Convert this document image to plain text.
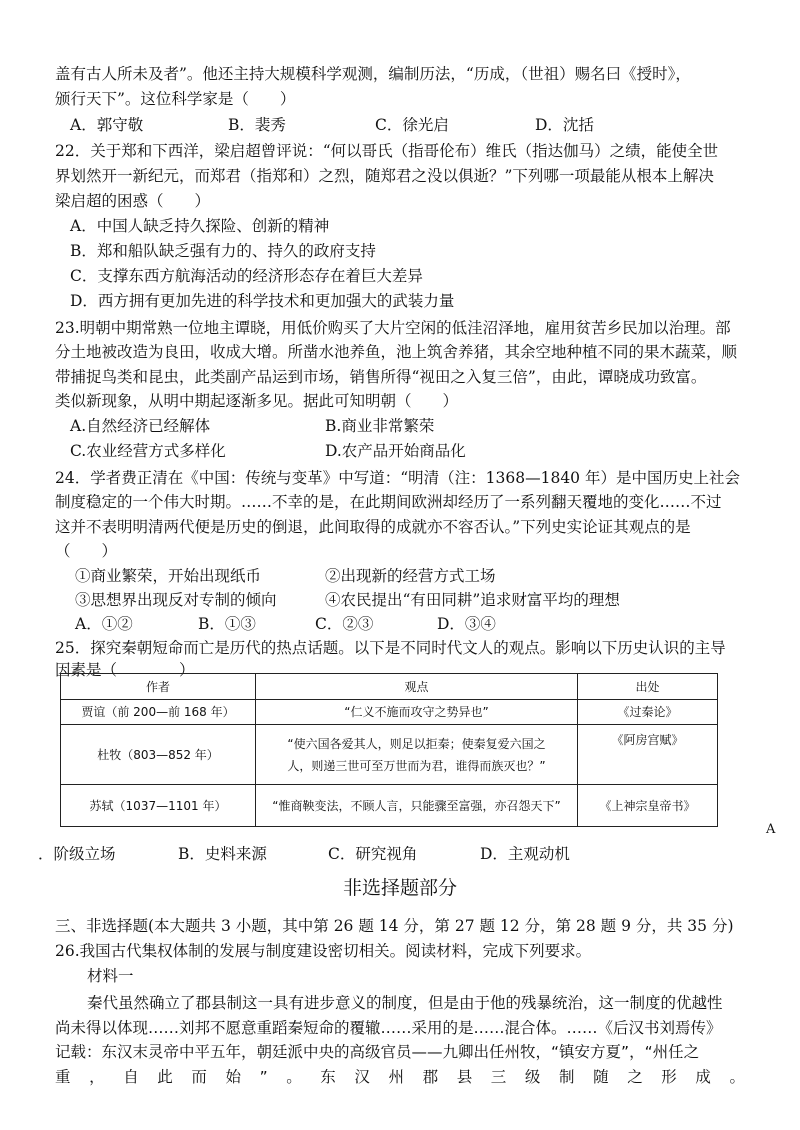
盖有古人所未及者”。他还主持大规模科学观测，编制历法，“历成，（世祖）赐名曰《授时》，
颁行天下”。这位科学家是（　　）
A．郭守敬	B．裴秀	C．徐光启	D．沈括
22．关于郑和下西洋，梁启超曾评说：“何以哥氏（指哥伦布）维氏（指达伽马）之绩，能使全世
界划然开一新纪元，而郑君（指郑和）之烈，随郑君之没以俱逝？”下列哪一项最能从根本上解决
梁启超的困惑（　　）
A．中国人缺乏持久探险、创新的精神
B．郑和船队缺乏强有力的、持久的政府支持
C．支撑东西方航海活动的经济形态存在着巨大差异
D．西方拥有更加先进的科学技术和更加强大的武装力量
23.明朝中期常熟一位地主谭晓，用低价购买了大片空闲的低洼沼泽地，雇用贫苦乡民加以治理。部
分土地被改造为良田，收成大增。所凿水池养鱼，池上筑舍养猪，其余空地种植不同的果木蔬菜，顺
带捕捉鸟类和昆虫，此类副产品运到市场，销售所得“视田之入复三倍”，由此，谭晓成功致富。
类似新现象，从明中期起逐渐多见。据此可知明朝（　　）
A.自然经济已经解体	B.商业非常繁荣
C.农业经营方式多样化	D.农产品开始商品化
24．学者费正清在《中国：传统与变革》中写道：“明清（注：1368—1840 年）是中国历史上社会
制度稳定的一个伟大时期。……不幸的是，在此期间欧洲却经历了一系列翻天覆地的变化……不过
这并不表明明清两代便是历史的倒退，此间取得的成就亦不容否认。”下列史实论证其观点的是
（　　）
①商业繁荣，开始出现纸币	②出现新的经营方式工场
③思想界出现反对专制的倾向	④农民提出“有田同耕”追求财富平均的理想
A．①②	B．①③	C．②③	D．③④
25．探究秦朝短命而亡是历代的热点话题。以下是不同时代文人的观点。影响以下历史认识的主导
因素是（　　　　）
作者	观点	出处
贾谊（前 200—前 168 年）	“仁义不施而攻守之势异也”	《过秦论》
杜牧（803—852 年）	“使六国各爱其人，则足以拒秦；使秦复爱六国之人，则递三世可至万世而为君，谁得而族灭也？”	《阿房宫赋》
苏轼（1037—1101 年）	“惟商鞅变法，不顾人言，只能骤至富强，亦召怨天下”	《上神宗皇帝书》
A
．阶级立场	B．史料来源	C．研究视角	D．主观动机
非选择题部分
三、非选择题(本大题共 3 小题，其中第 26 题 14 分，第 27 题 12 分，第 28 题 9 分，共 35 分)
26.我国古代集权体制的发展与制度建设密切相关。阅读材料，完成下列要求。
材料一
秦代虽然确立了郡县制这一具有进步意义的制度，但是由于他的残暴统治，这一制度的优越性
尚未得以体现……刘邦不愿意重蹈秦短命的覆辙……采用的是……混合体。……《后汉书刘焉传》
记载：东汉末灵帝中平五年，朝廷派中央的高级官员——九卿出任州牧，“镇安方夏”，“州任之
重，自此而始”。东汉州郡县三级制随之形成。
